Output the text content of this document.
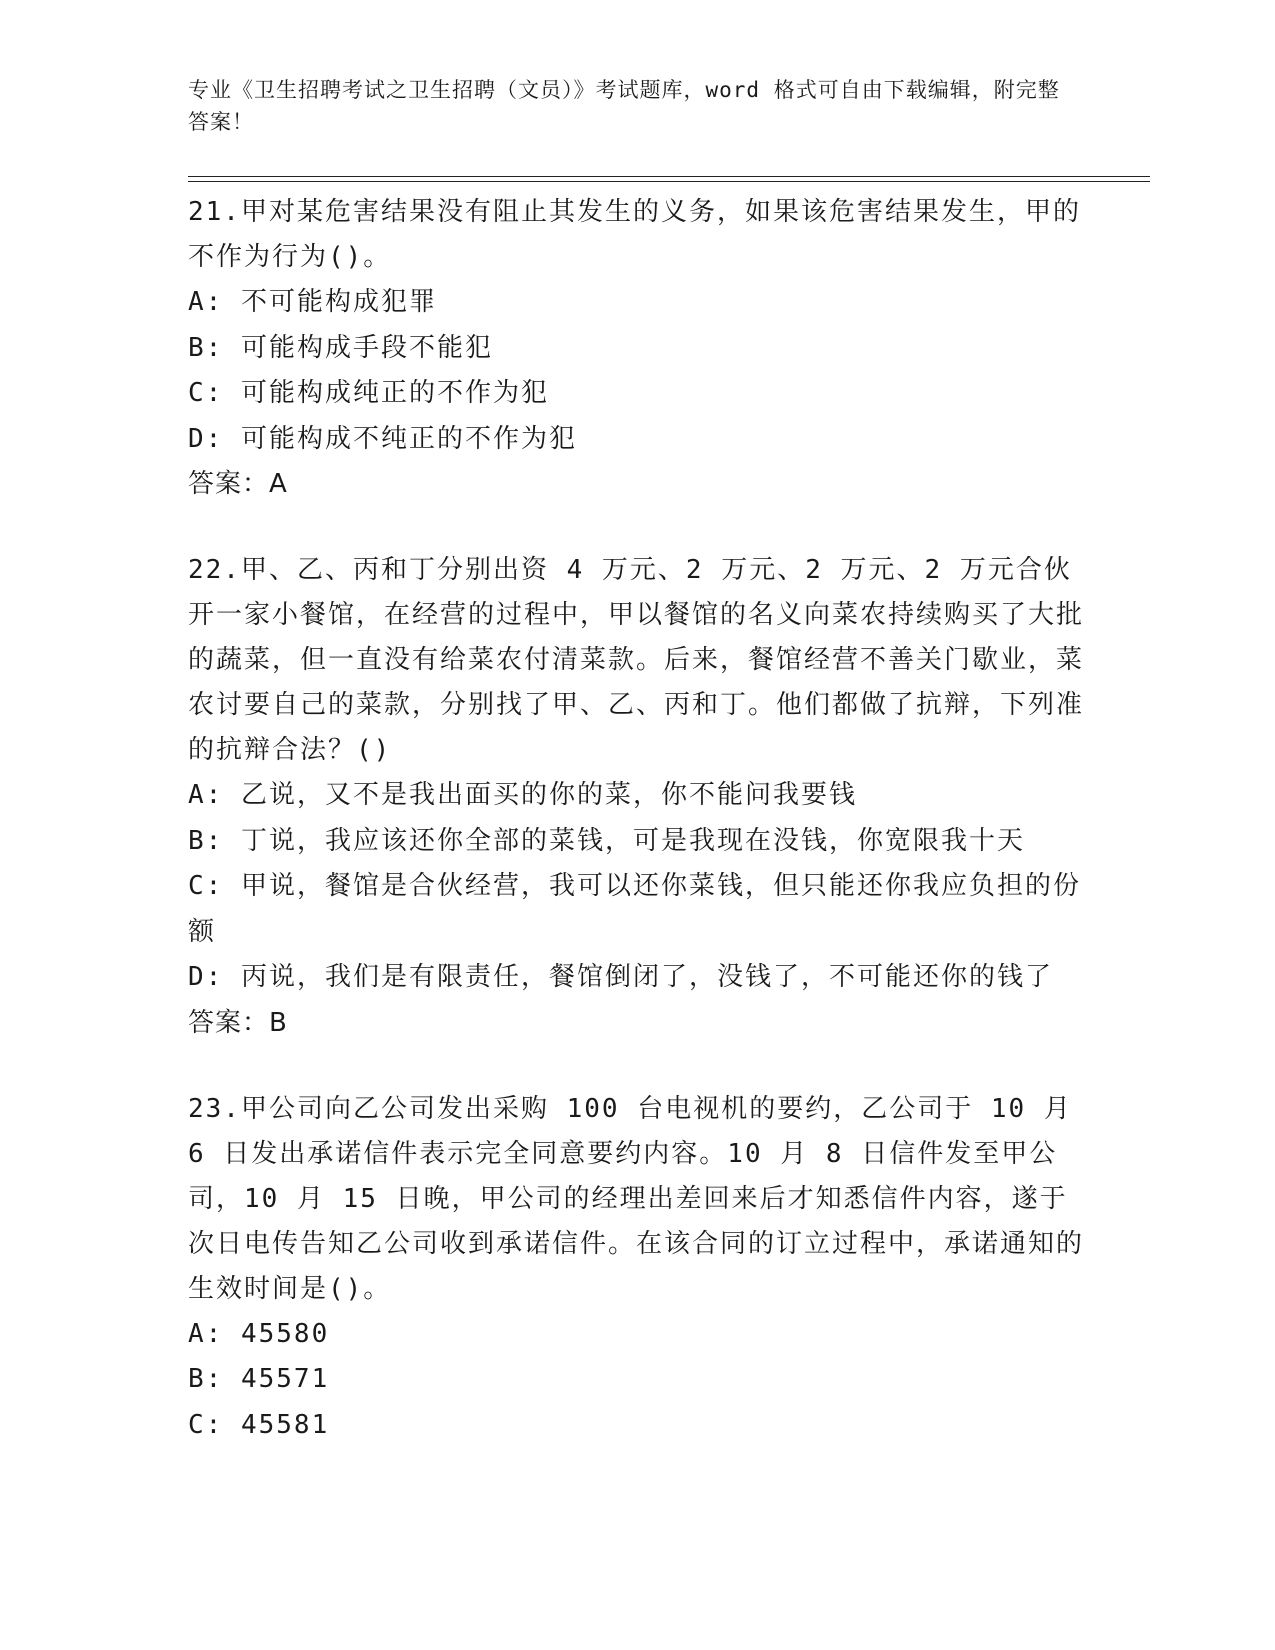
专业《卫生招聘考试之卫生招聘（文员）》考试题库，word 格式可自由下载编辑，附完整答案！
21.甲对某危害结果没有阻止其发生的义务，如果该危害结果发生，甲的不作为行为()。
A: 不可能构成犯罪
B: 可能构成手段不能犯
C: 可能构成纯正的不作为犯
D: 可能构成不纯正的不作为犯
答案：A
22.甲、乙、丙和丁分别出资 4 万元、2 万元、2 万元、2 万元合伙开一家小餐馆，在经营的过程中，甲以餐馆的名义向菜农持续购买了大批的蔬菜，但一直没有给菜农付清菜款。后来，餐馆经营不善关门歇业，菜农讨要自己的菜款，分别找了甲、乙、丙和丁。他们都做了抗辩，下列准的抗辩合法？()
A: 乙说，又不是我出面买的你的菜，你不能问我要钱
B: 丁说，我应该还你全部的菜钱，可是我现在没钱，你宽限我十天
C: 甲说，餐馆是合伙经营，我可以还你菜钱，但只能还你我应负担的份额
D: 丙说，我们是有限责任，餐馆倒闭了，没钱了，不可能还你的钱了
答案：B
23.甲公司向乙公司发出采购 100 台电视机的要约，乙公司于 10 月 6 日发出承诺信件表示完全同意要约内容。10 月 8 日信件发至甲公司，10 月 15 日晚，甲公司的经理出差回来后才知悉信件内容，遂于次日电传告知乙公司收到承诺信件。在该合同的订立过程中，承诺通知的生效时间是()。
A: 45580
B: 45571
C: 45581
